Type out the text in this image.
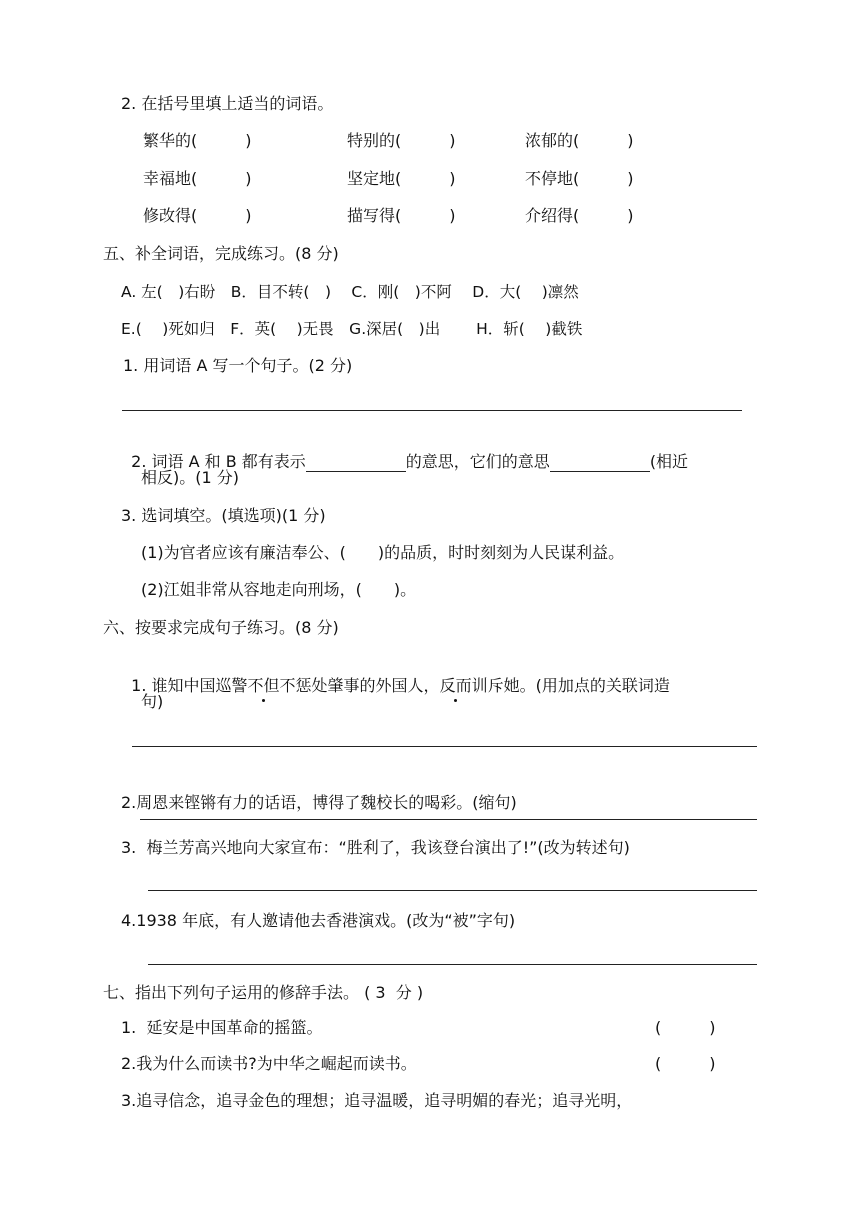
2. 在括号里填上适当的词语。
繁华的(　　　)	特别的(　　　)	浓郁的(　　　)
幸福地(　　　)	坚定地(　　　)	不停地(　　　)
修改得(　　　)	描写得(　　　)	介绍得(　　　)
五、补全词语，完成练习。(8 分)
A. 左(　)右盼　B．目不转(　)　 C．刚(　)不阿　 D．大(　 )凛然
E.(　 )死如归　F．英(　 )无畏　G.深居(　)出　　 H．斩(　 )截铁
1. 用词语 A 写一个句子。(2 分)

2. 词语 A 和 B 都有表示	的意思，它们的意思	(相近

相反)。(1 分)
3. 选词填空。(填选项)(1 分)
(1)为官者应该有廉洁奉公、(　　)的品质，时时刻刻为人民谋利益。
(2)江姐非常从容地走向刑场，(　　)。
六、按要求完成句子练习。(8 分)

1. 谁知中国巡警不但不惩处肇事的外国人，反而训斥她。(用加点的关联词造

句)
2.周恩来铿锵有力的话语，博得了魏校长的喝彩。(缩句)
3.  梅兰芳高兴地向大家宣布：“胜利了，我该登台演出了!”(改为转述句)
4.1938 年底，有人邀请他去香港演戏。(改为“被”字句)
七、指出下列句子运用的修辞手法。 ( 3  分 )
1.  延安是中国革命的摇篮。	(　　　)
2.我为什么而读书?为中华之崛起而读书。	(　　　)
3.追寻信念，追寻金色的理想；追寻温暖，追寻明媚的春光；追寻光明，
